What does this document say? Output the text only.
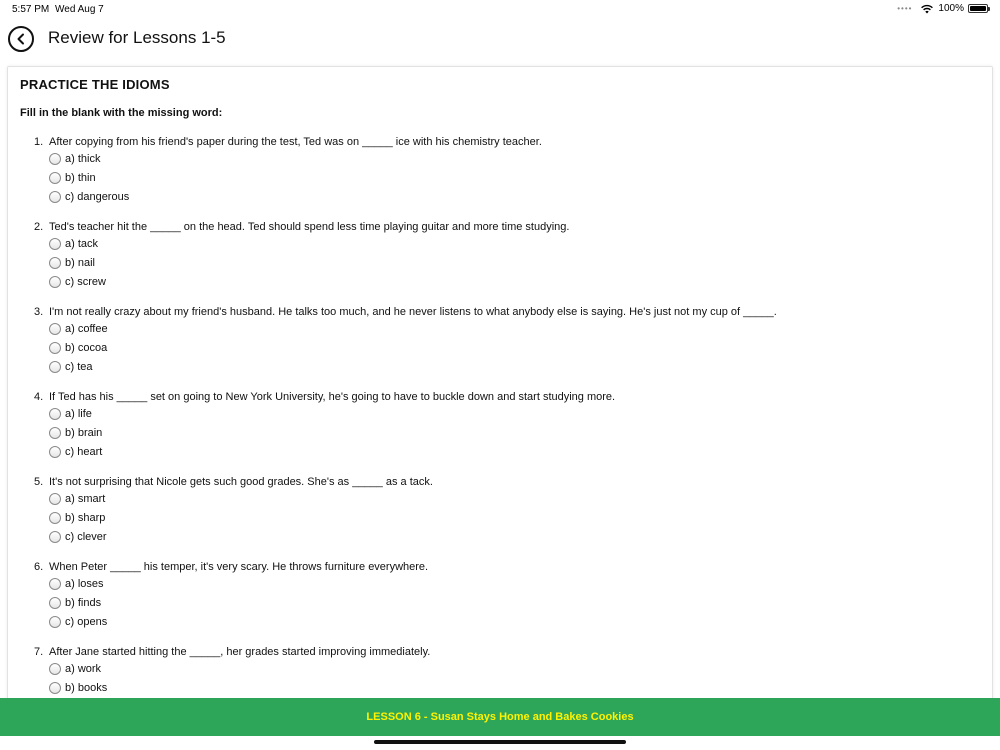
5:57 PM Wed Aug 7	••••	100%
Review for Lessons 1-5
PRACTICE THE IDIOMS
Fill in the blank with the missing word:
1. After copying from his friend's paper during the test, Ted was on _____ ice with his chemistry teacher.
a) thick
b) thin
c) dangerous
2. Ted's teacher hit the _____ on the head. Ted should spend less time playing guitar and more time studying.
a) tack
b) nail
c) screw
3. I'm not really crazy about my friend's husband. He talks too much, and he never listens to what anybody else is saying. He's just not my cup of _____.
a) coffee
b) cocoa
c) tea
4. If Ted has his _____ set on going to New York University, he's going to have to buckle down and start studying more.
a) life
b) brain
c) heart
5. It's not surprising that Nicole gets such good grades. She's as _____ as a tack.
a) smart
b) sharp
c) clever
6. When Peter _____ his temper, it's very scary. He throws furniture everywhere.
a) loses
b) finds
c) opens
7. After Jane started hitting the _____, her grades started improving immediately.
a) work
b) books
LESSON 6 - Susan Stays Home and Bakes Cookies
